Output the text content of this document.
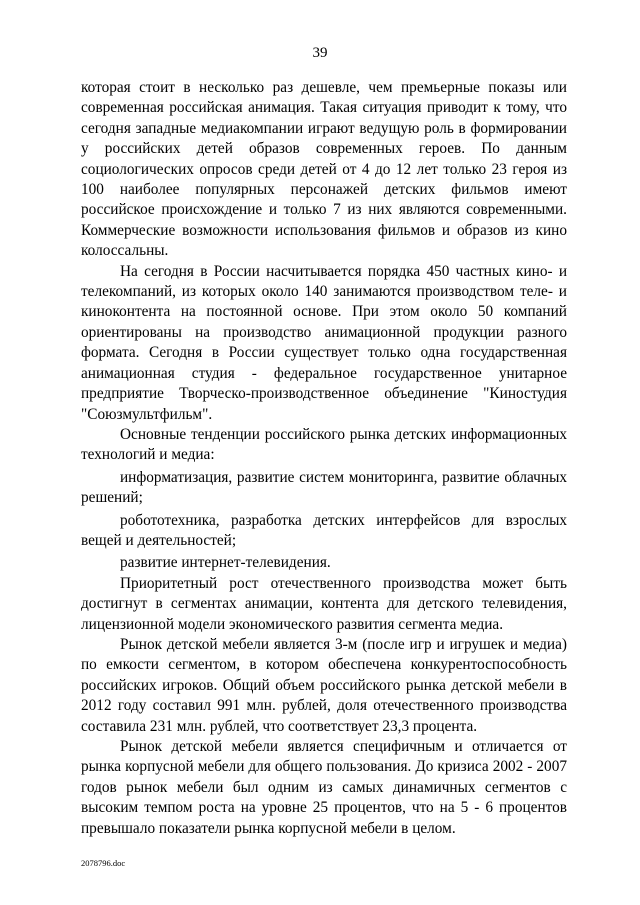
39

которая стоит в несколько раз дешевле, чем премьерные показы или современная российская анимация. Такая ситуация приводит к тому, что сегодня западные медиакомпании играют ведущую роль в формировании у российских детей образов современных героев. По данным социологических опросов среди детей от 4 до 12 лет только 23 героя из 100 наиболее популярных персонажей детских фильмов имеют российское происхождение и только 7 из них являются современными. Коммерческие возможности использования фильмов и образов из кино колоссальны.

На сегодня в России насчитывается порядка 450 частных кино- и телекомпаний, из которых около 140 занимаются производством теле- и киноконтента на постоянной основе. При этом около 50 компаний ориентированы на производство анимационной продукции разного формата. Сегодня в России существует только одна государственная анимационная студия - федеральное государственное унитарное предприятие Творческо-производственное объединение "Киностудия "Союзмультфильм".

Основные тенденции российского рынка детских информационных технологий и медиа:

информатизация, развитие систем мониторинга, развитие облачных решений;

робототехника, разработка детских интерфейсов для взрослых вещей и деятельностей;

развитие интернет-телевидения.

Приоритетный рост отечественного производства может быть достигнут в сегментах анимации, контента для детского телевидения, лицензионной модели экономического развития сегмента медиа.

Рынок детской мебели является 3-м (после игр и игрушек и медиа) по емкости сегментом, в котором обеспечена конкурентоспособность российских игроков. Общий объем российского рынка детской мебели в 2012 году составил 991 млн. рублей, доля отечественного производства составила 231 млн. рублей, что соответствует 23,3 процента.

Рынок детской мебели является специфичным и отличается от рынка корпусной мебели для общего пользования. До кризиса 2002 - 2007 годов рынок мебели был одним из самых динамичных сегментов с высоким темпом роста на уровне 25 процентов, что на 5 - 6 процентов превышало показатели рынка корпусной мебели в целом.

2078796.doc
